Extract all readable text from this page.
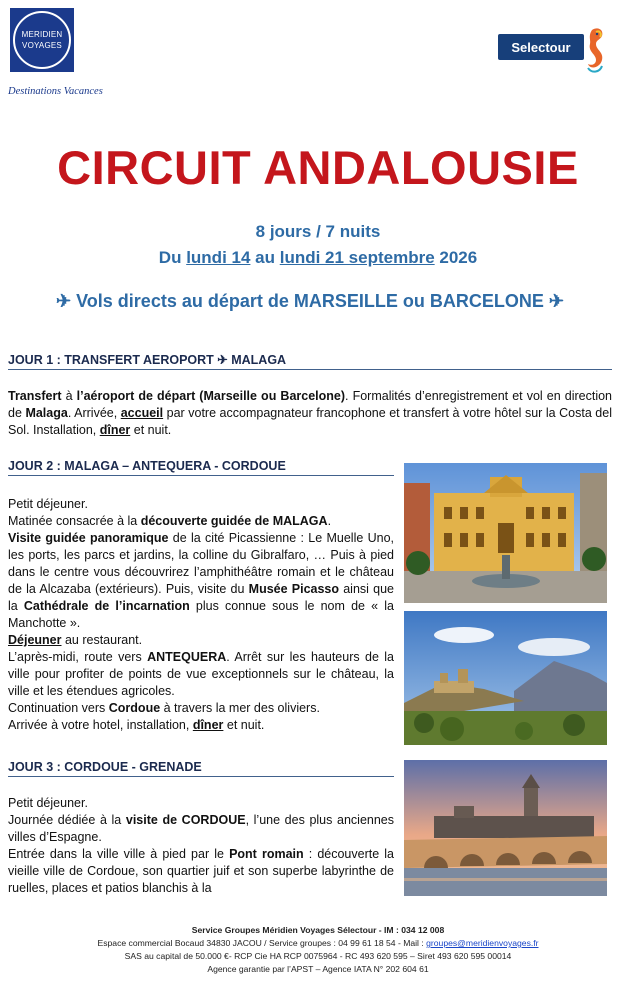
MERIDIEN
VOYAGES
Destinations Vacances
Selectour
CIRCUIT ANDALOUSIE
8 jours / 7 nuits
Du lundi 14 au lundi 21 septembre 2026
✈ Vols directs au départ de MARSEILLE ou BARCELONE ✈
JOUR 1 : TRANSFERT AEROPORT ✈ MALAGA
Transfert à l’aéroport de départ (Marseille ou Barcelone). Formalités d’enregistrement et vol en direction de Malaga. Arrivée, accueil par votre accompagnateur francophone et transfert à votre hôtel sur la Costa del Sol. Installation, dîner et nuit.
JOUR 2 : MALAGA – ANTEQUERA - CORDOUE
Petit déjeuner.
Matinée consacrée à la découverte guidée de MALAGA.
Visite guidée panoramique de la cité Picassienne : Le Muelle Uno, les ports, les parcs et jardins, la colline du Gibralfaro, … Puis à pied dans le centre vous découvrirez l’amphithéâtre romain et le château de la Alcazaba (extérieurs). Puis, visite du Musée Picasso ainsi que la Cathédrale de l’incarnation plus connue sous le nom de « la Manchotte ».
Déjeuner au restaurant.
L’après-midi, route vers ANTEQUERA. Arrêt sur les hauteurs de la ville pour profiter de points de vue exceptionnels sur le château, la ville et les étendues agricoles.
Continuation vers Cordoue à travers la mer des oliviers.
Arrivée à votre hotel, installation, dîner et nuit.
JOUR 3 : CORDOUE - GRENADE
Petit déjeuner.
Journée dédiée à la visite de CORDOUE, l’une des plus anciennes villes d’Espagne.
Entrée dans la ville ville à pied par le Pont romain : découverte la vieille ville de Cordoue, son quartier juif et son superbe labyrinthe de ruelles, places et patios blanchis à la
Service Groupes Méridien Voyages Sélectour - IM : 034 12 008
Espace commercial Bocaud 34830 JACOU / Service groupes : 04 99 61 18 54 - Mail : groupes@meridienvoyages.fr
SAS au capital de 50.000 €- RCP Cie HA RCP 0075964 - RC 493 620 595 – Siret 493 620 595 00014
Agence garantie par l’APST – Agence IATA N° 202 604 61
